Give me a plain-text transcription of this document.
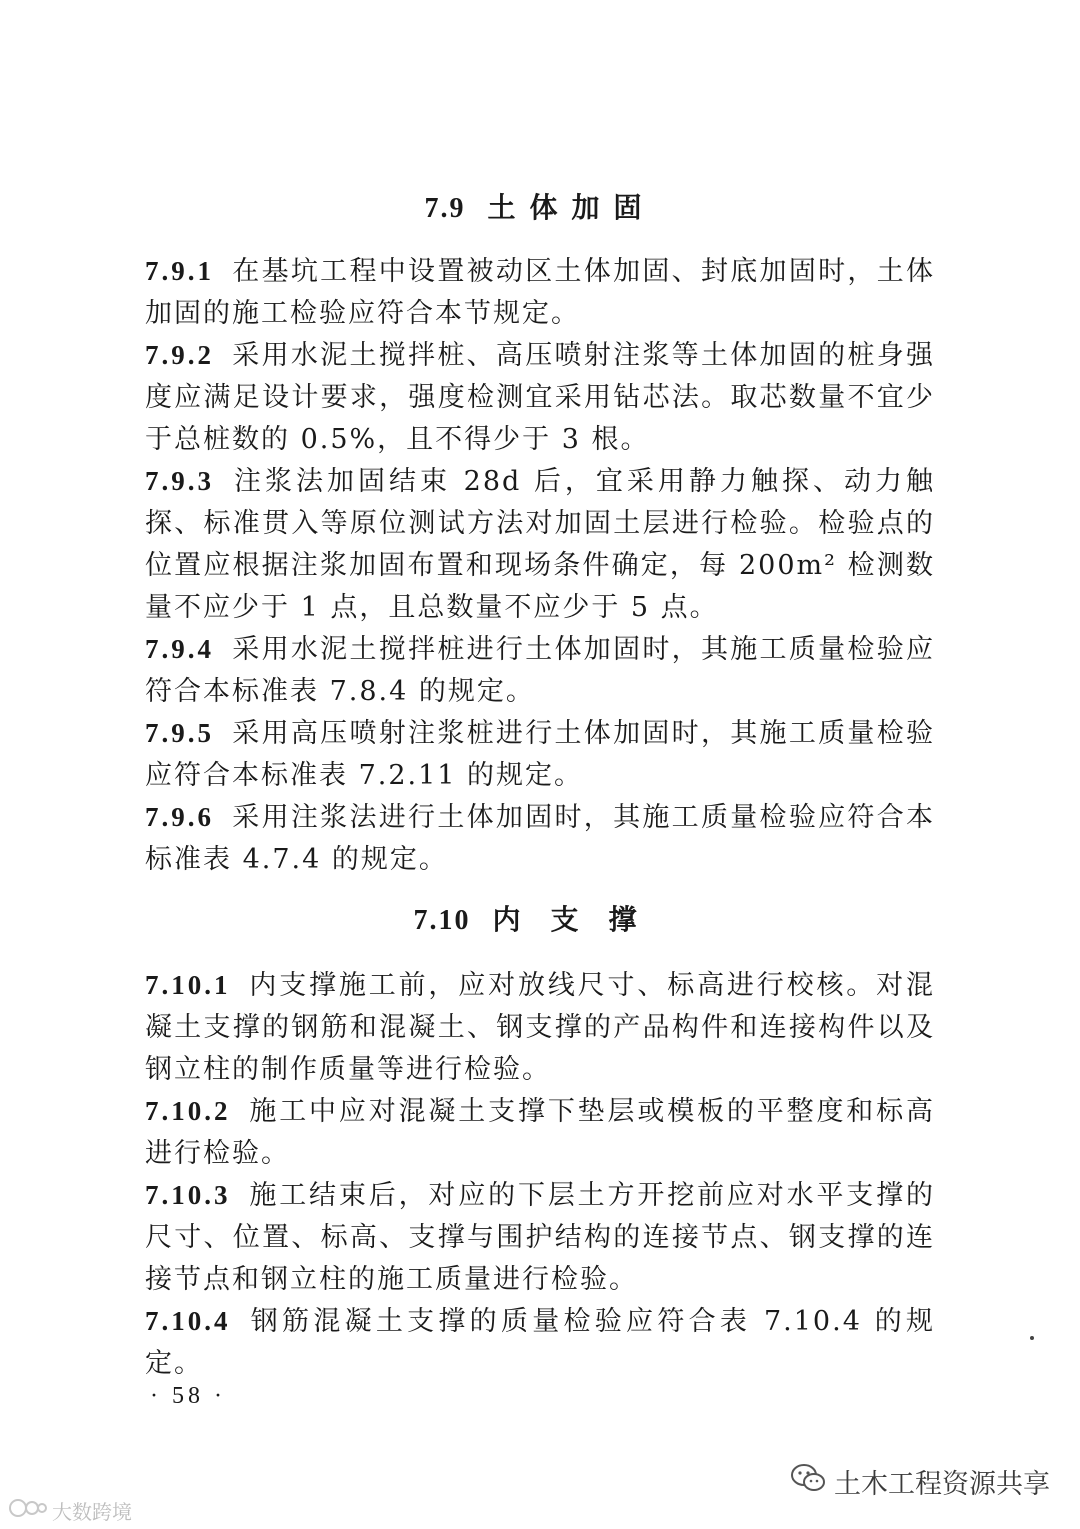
7.9 土体加固
7.9.1 在基坑工程中设置被动区土体加固、封底加固时，土体加固的施工检验应符合本节规定。
7.9.2 采用水泥土搅拌桩、高压喷射注浆等土体加固的桩身强度应满足设计要求，强度检测宜采用钻芯法。取芯数量不宜少于总桩数的 0.5%，且不得少于 3 根。
7.9.3 注浆法加固结束 28d 后，宜采用静力触探、动力触探、标准贯入等原位测试方法对加固土层进行检验。检验点的位置应根据注浆加固布置和现场条件确定，每 200m² 检测数量不应少于 1 点，且总数量不应少于 5 点。
7.9.4 采用水泥土搅拌桩进行土体加固时，其施工质量检验应符合本标准表 7.8.4 的规定。
7.9.5 采用高压喷射注浆桩进行土体加固时，其施工质量检验应符合本标准表 7.2.11 的规定。
7.9.6 采用注浆法进行土体加固时，其施工质量检验应符合本标准表 4.7.4 的规定。
7.10 内支撑
7.10.1 内支撑施工前，应对放线尺寸、标高进行校核。对混凝土支撑的钢筋和混凝土、钢支撑的产品构件和连接构件以及钢立柱的制作质量等进行检验。
7.10.2 施工中应对混凝土支撑下垫层或模板的平整度和标高进行检验。
7.10.3 施工结束后，对应的下层土方开挖前应对水平支撑的尺寸、位置、标高、支撑与围护结构的连接节点、钢支撑的连接节点和钢立柱的施工质量进行检验。
7.10.4 钢筋混凝土支撑的质量检验应符合表 7.10.4 的规定。
· 58 ·
土木工程资源共享
大数跨境
